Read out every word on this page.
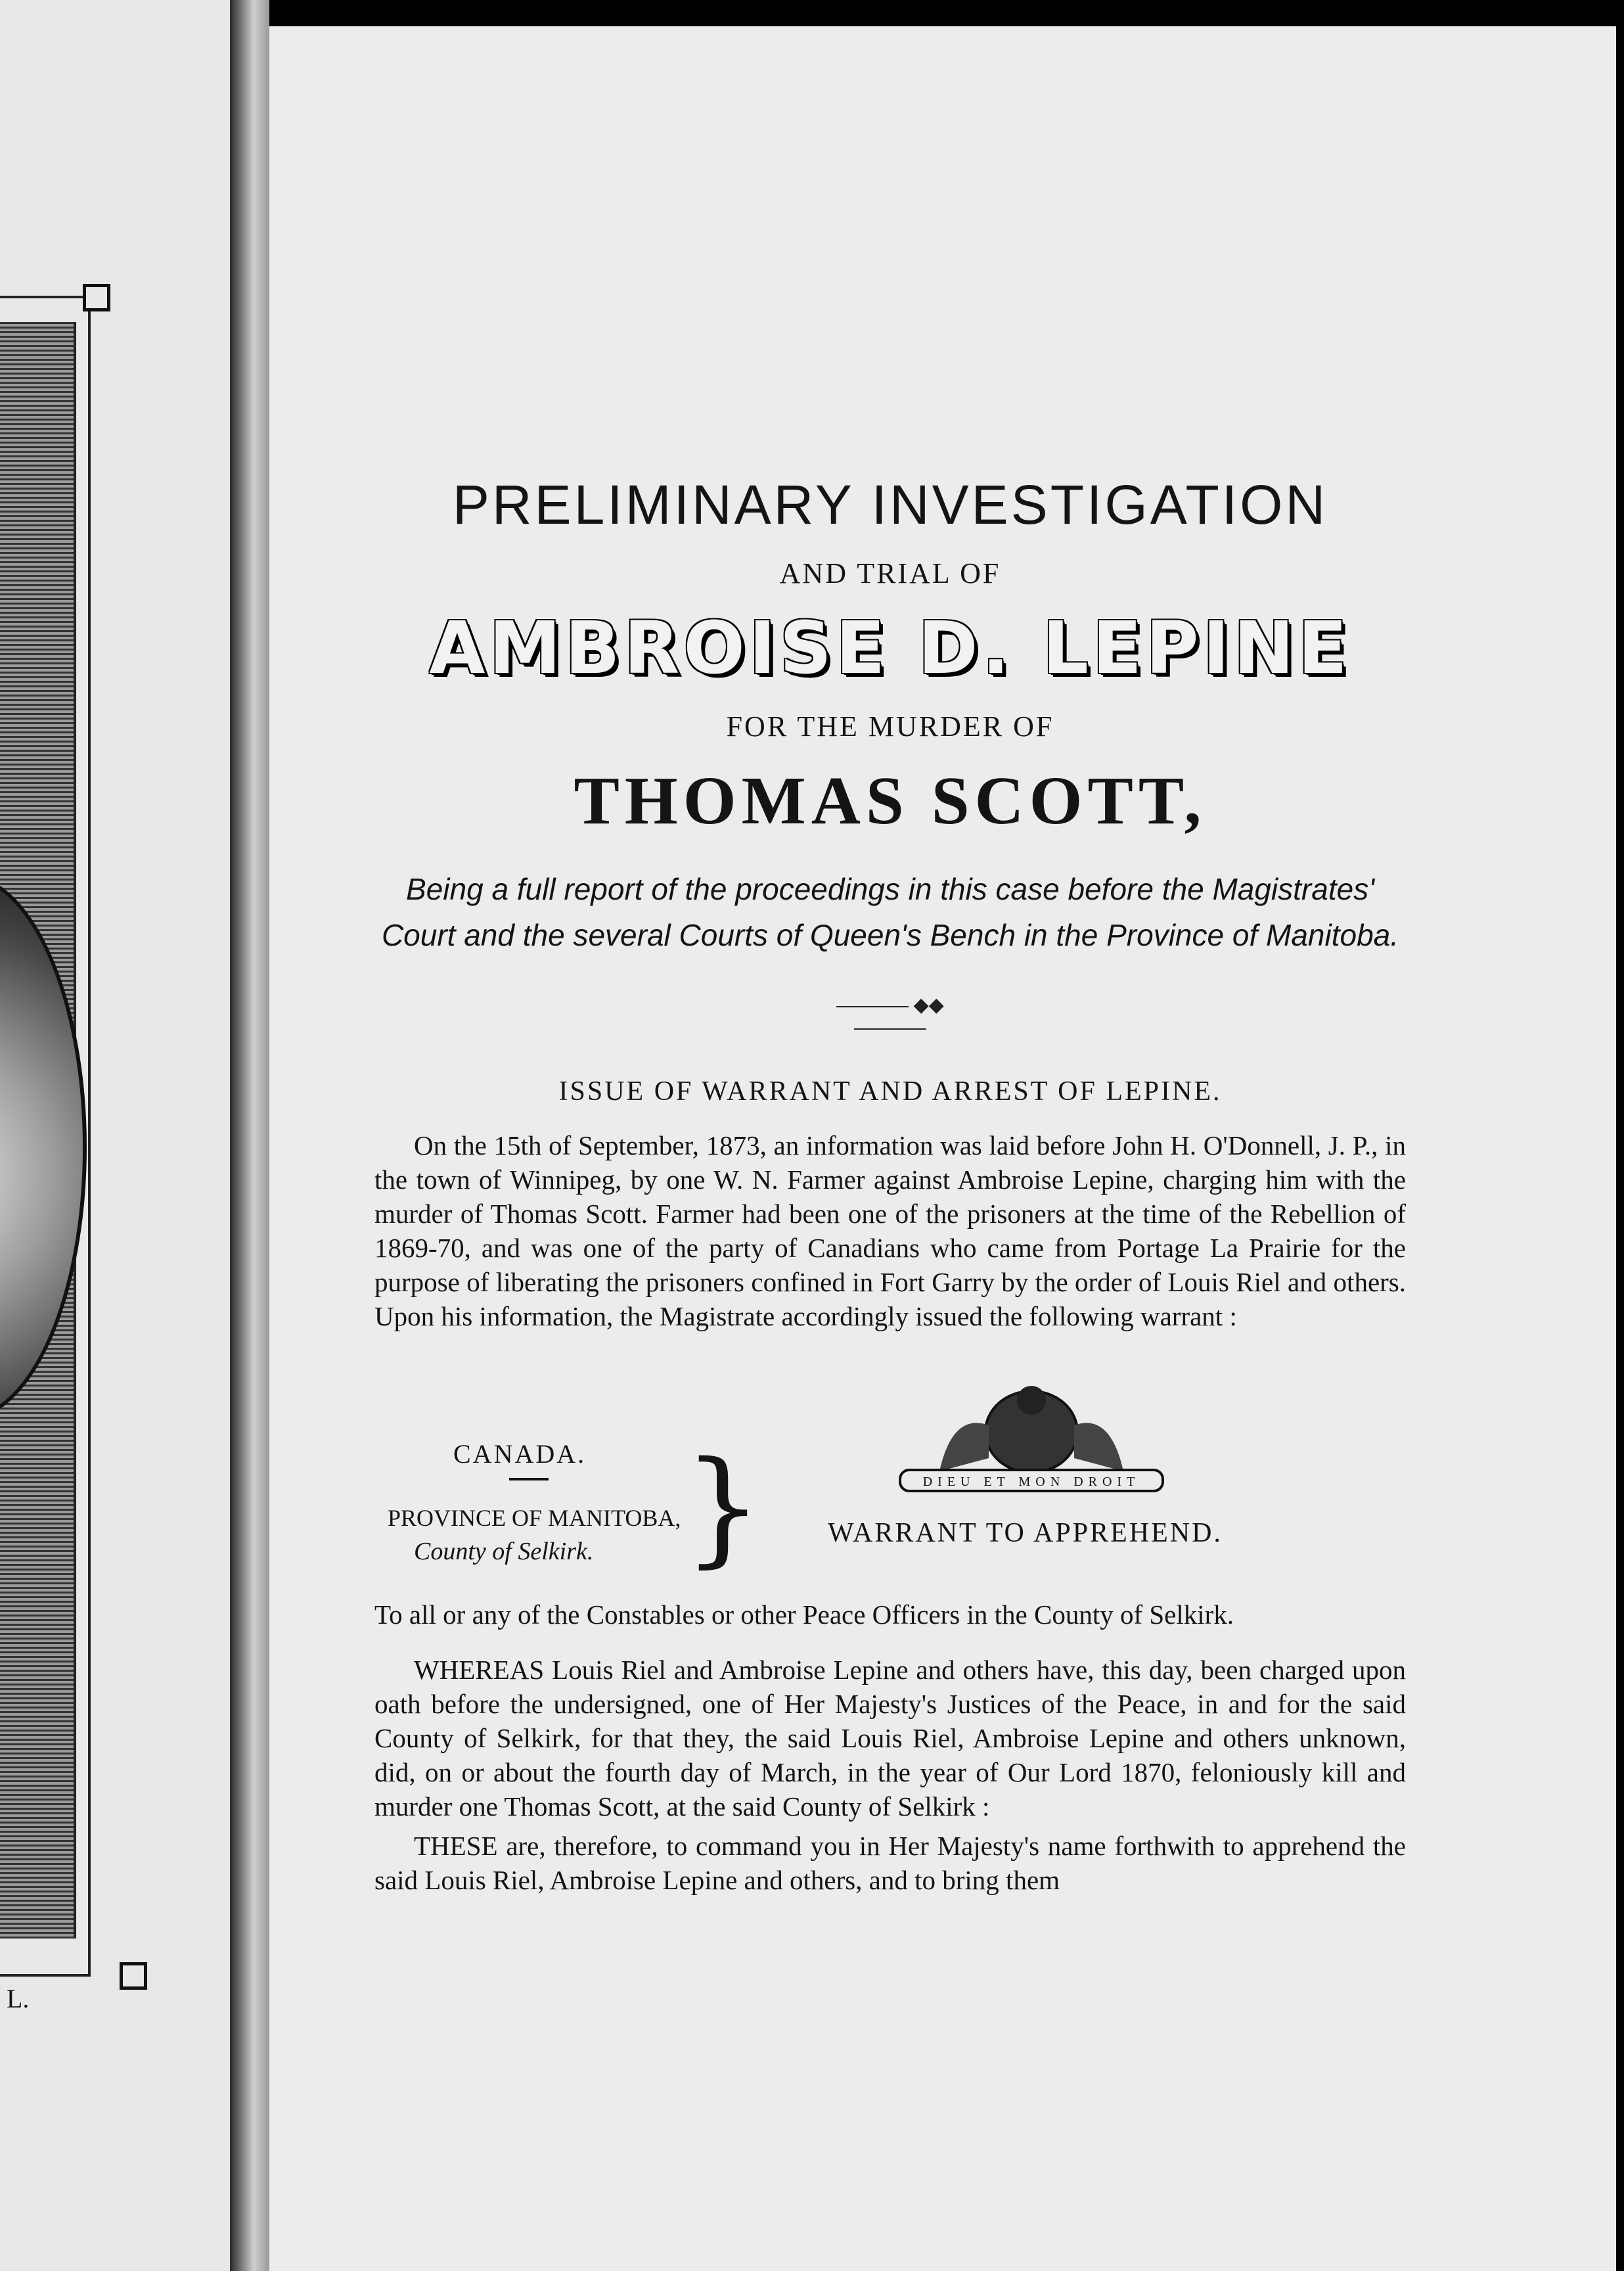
L.
PRELIMINARY INVESTIGATION
AND TRIAL OF
AMBROISE D. LEPINE
FOR THE MURDER OF
THOMAS SCOTT,
Being a full report of the proceedings in this case before the Magistrates' Court and the several Courts of Queen's Bench in the Province of Manitoba.
◆◆
ISSUE OF WARRANT AND ARREST OF LEPINE.
On the 15th of September, 1873, an information was laid before John H. O'Donnell, J. P., in the town of Winnipeg, by one W. N. Farmer against Ambroise Lepine, charging him with the murder of Thomas Scott. Farmer had been one of the prisoners at the time of the Rebellion of 1869-70, and was one of the party of Canadians who came from Portage La Prairie for the purpose of liberating the prisoners confined in Fort Garry by the order of Louis Riel and others. Upon his information, the Magistrate accordingly issued the following warrant :
CANADA.
PROVINCE OF MANITOBA,
County of Selkirk. }	DIEU ET MON DROIT
WARRANT TO APPREHEND.
To all or any of the Constables or other Peace Officers in the County of Selkirk.
WHEREAS Louis Riel and Ambroise Lepine and others have, this day, been charged upon oath before the undersigned, one of Her Majesty's Justices of the Peace, in and for the said County of Selkirk, for that they, the said Louis Riel, Ambroise Lepine and others unknown, did, on or about the fourth day of March, in the year of Our Lord 1870, feloniously kill and murder one Thomas Scott, at the said County of Selkirk :
THESE are, therefore, to command you in Her Majesty's name forthwith to apprehend the said Louis Riel, Ambroise Lepine and others, and to bring them
